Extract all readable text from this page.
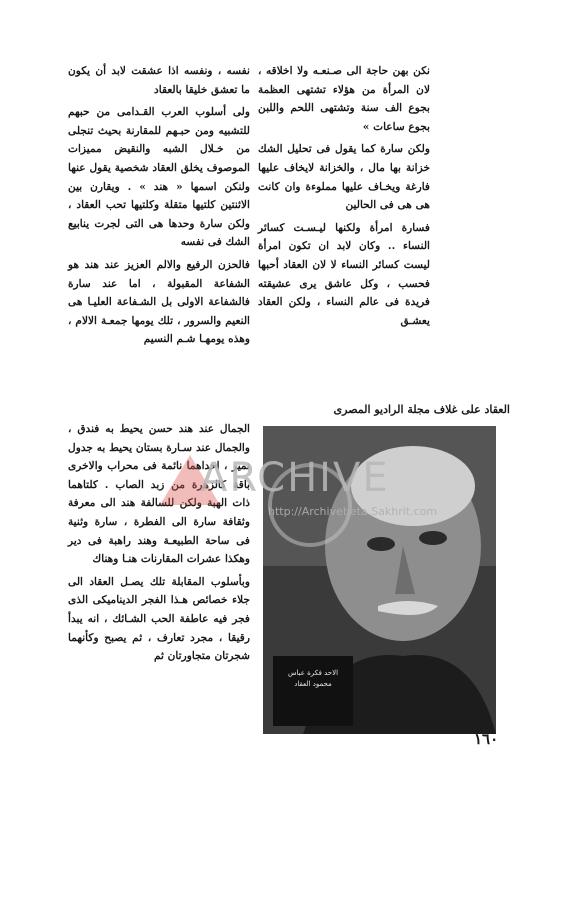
نكن بهن حاجة الى صـنعـه ولا اخلاقه ، لان المرأة من هؤلاء تشتهى العظمة بجوع الف سنة وتشتهى اللحم واللبن بجوع ساعات »

ولكن سارة كما يقول فى تحليل الشك خزانة بها مال ، والخزانة لايخاف عليها فارغة ويخـاف عليها مملوءة وان كانت هى هى فى الحالين

فسارة امرأة ولكنها ليـسـت كسائر النساء .. وكان لابد ان تكون امرأة ليست كسائر النساء لا لان العقاد أحبها فحسب ، وكل عاشق يرى عشيقته فريدة فى عالم النساء ، ولكن العقاد يعشـق

نفسه ، ونفسه اذا عشقت لابد أن يكون ما تعشق خليقا بالعقاد

ولى أسلوب العرب القـدامى من حبهم للتشبيه ومن حبـهم للمقارنة بحيث تنجلى من خـلال الشبه والنقيض مميزات الموصوف يخلق العقاد شخصية يقول عنها ولنكن اسمها « هند » . ويقارن بين الاثنتين كلتيها متقلة وكلتيها تحب العقاد ، ولكن سارة وحدها هى التى لجرت ينابيع الشك فى نفسه

فالحزن الرفيع والالم العزيز عند هند هو الشفاعة المقبولة ، اما عند سارة فالشفاعة الاولى بل الشـفاعة العليـا هى النعيم والسرور ، تلك يومها جمعـة الالام ، وهذه يومهـا شـم النسيم

الجمال عند هند حسن يحيط به فندق ، والجمال عند سـارة بستان يحيط به جدول نمير ، احداهما نائمة فى محراب والاخرى باقة كالزهرة من زبد الصاب . كلتاهما ذات الهبة ولكن للسالفة هند الى معرفة وثقافة سارة الى الفطرة ، سارة وثنية فى ساحة الطبيعـة وهند راهبة فى دير وهكذا عشرات المقارنات هنـا وهناك

وبأسلوب المقابلة تلك يصـل العقاد الى جلاء خصائص هـذا الفجر الديناميكى الذى فجر فيه عاطفة الحب الشـائك ، انه يبدأ رقيقا ، مجرد تعارف ، ثم يصبح وكأنهما شجرتان متجاورتان ثم

العقاد على غلاف مجلة الراديو المصرى
الاحد فكرة عباس محمود العقاد
ARCHIVE
http://Archivebeta.Sakhrit.com
١٦٠
